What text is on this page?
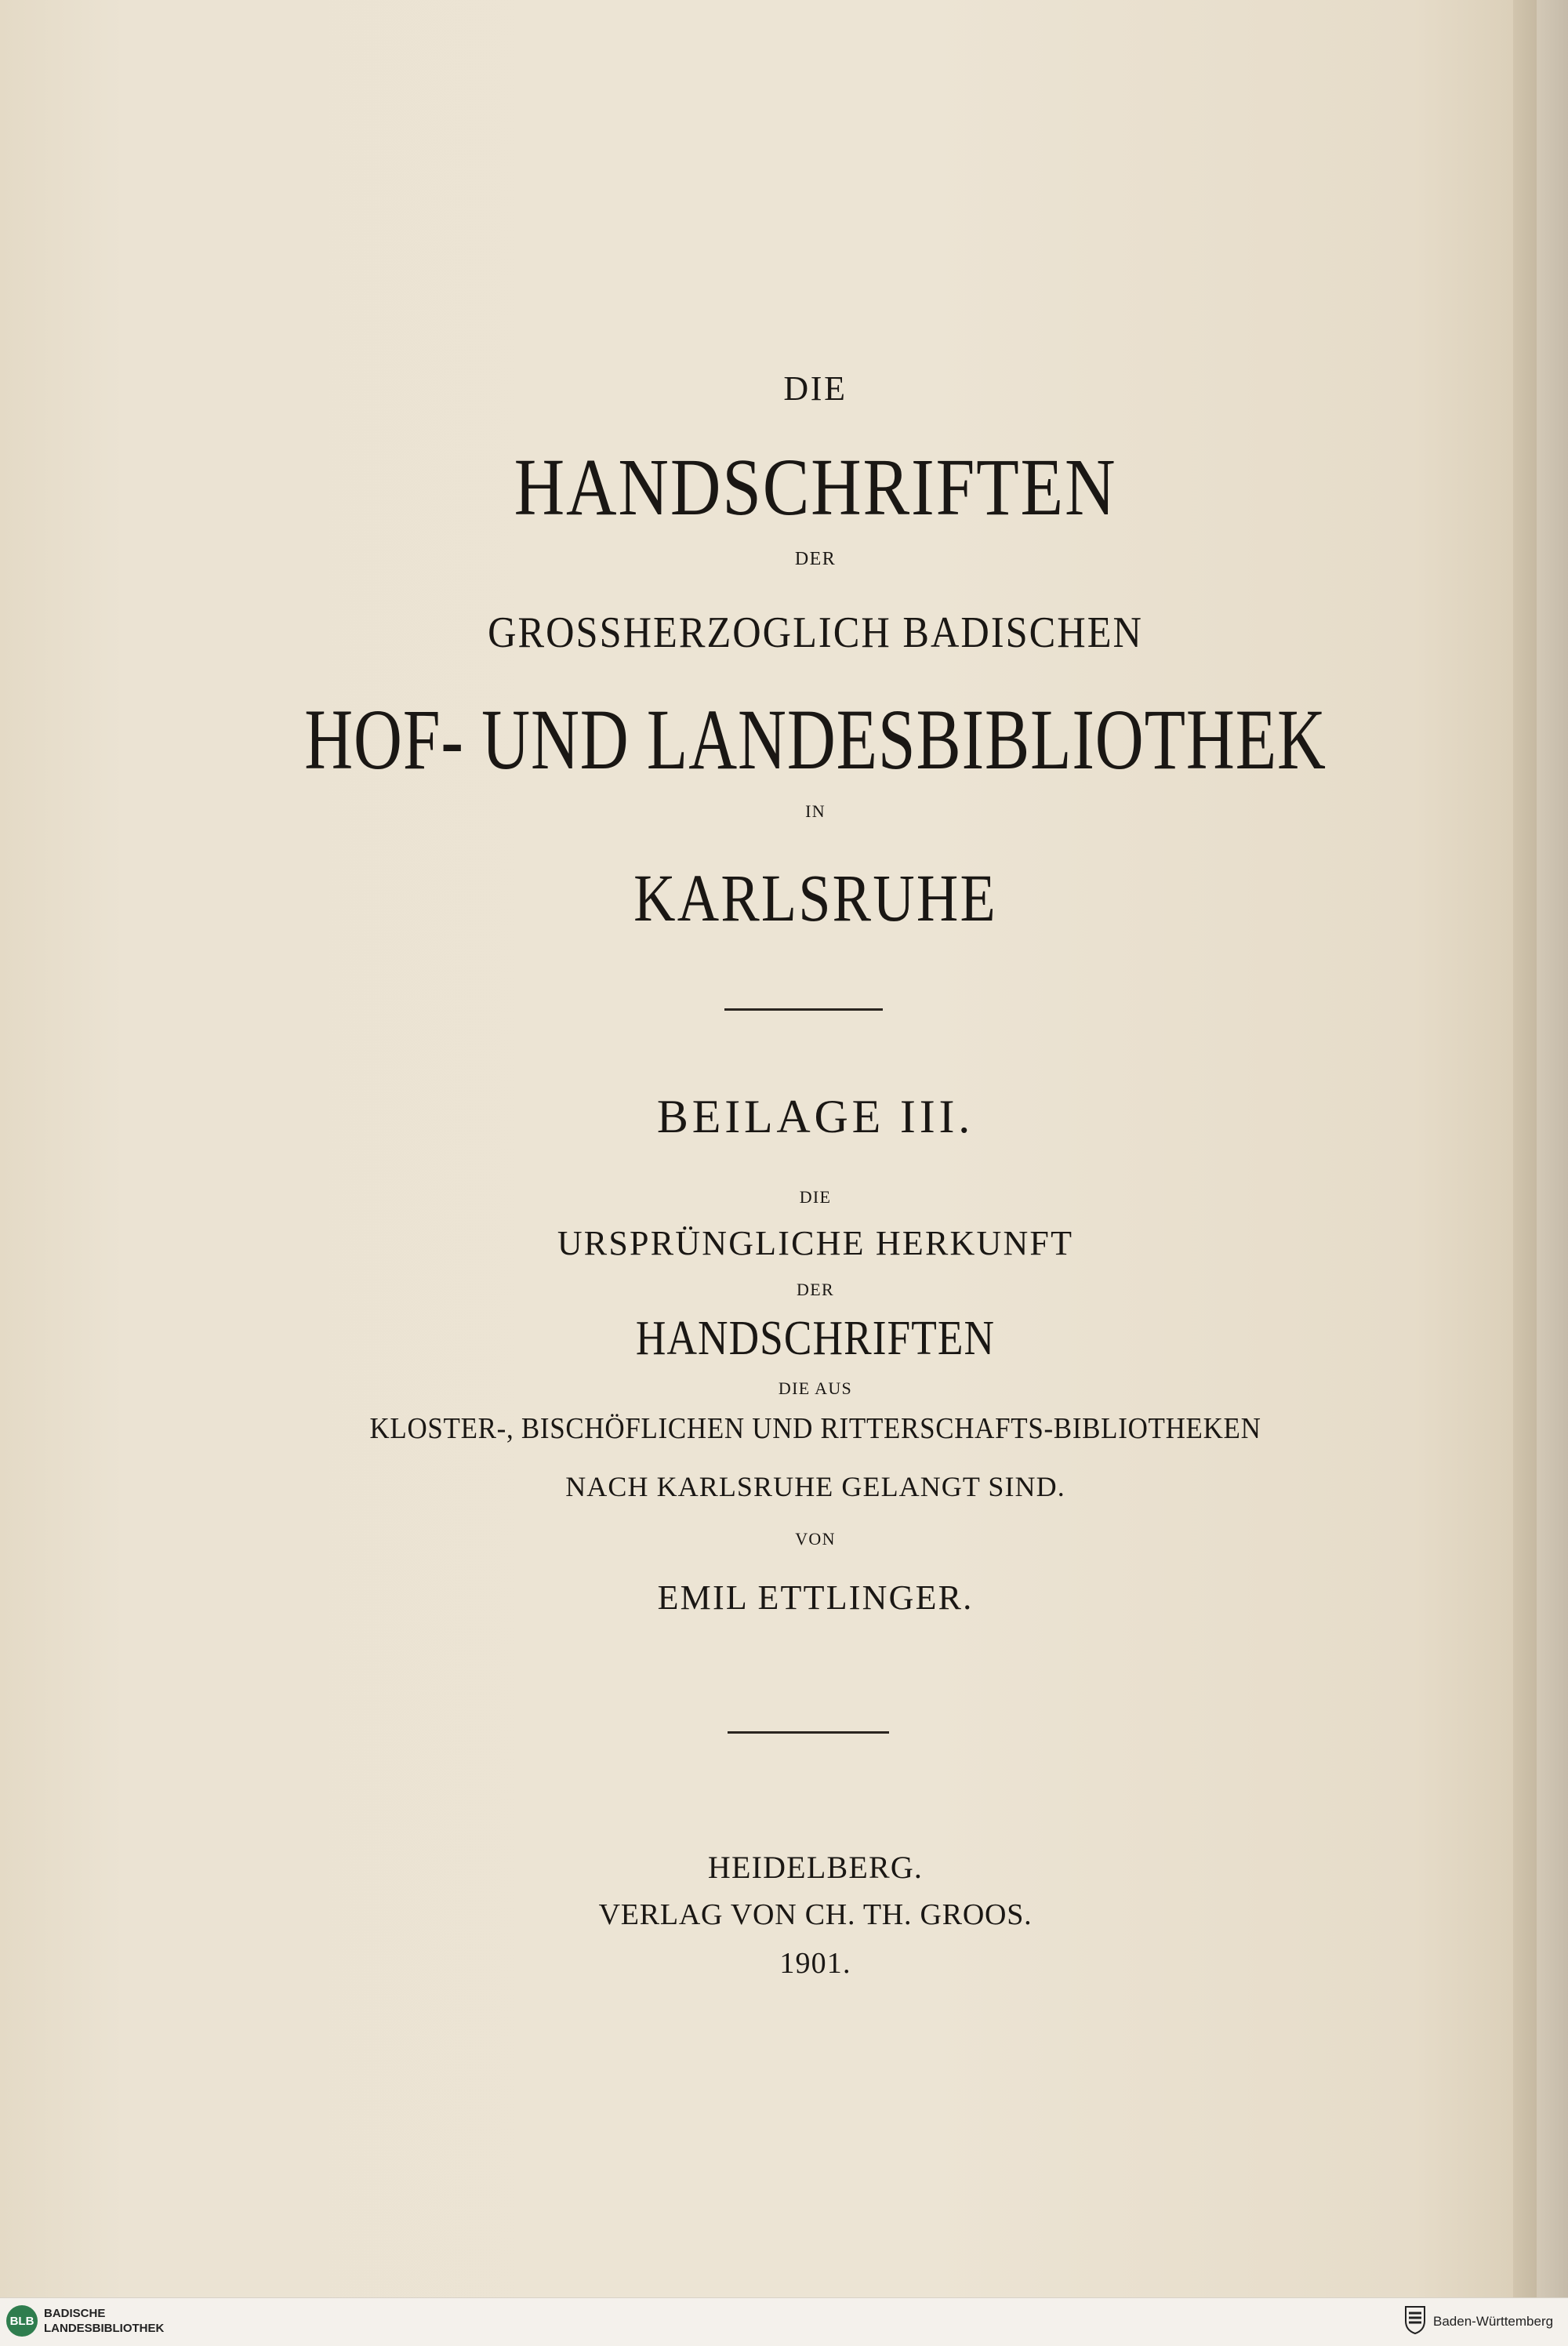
DIE
HANDSCHRIFTEN
DER
GROSSHERZOGLICH BADISCHEN
HOF- UND LANDESBIBLIOTHEK
IN
KARLSRUHE
BEILAGE III.
DIE
URSPRÜNGLICHE HERKUNFT
DER
HANDSCHRIFTEN
DIE AUS
KLOSTER-, BISCHÖFLICHEN UND RITTERSCHAFTS-BIBLIOTHEKEN
NACH KARLSRUHE GELANGT SIND.
VON
EMIL ETTLINGER.
HEIDELBERG.
VERLAG VON CH. TH. GROOS.
1901.
BLB
BADISCHE
LANDESBIBLIOTHEK	Baden-Württemberg
